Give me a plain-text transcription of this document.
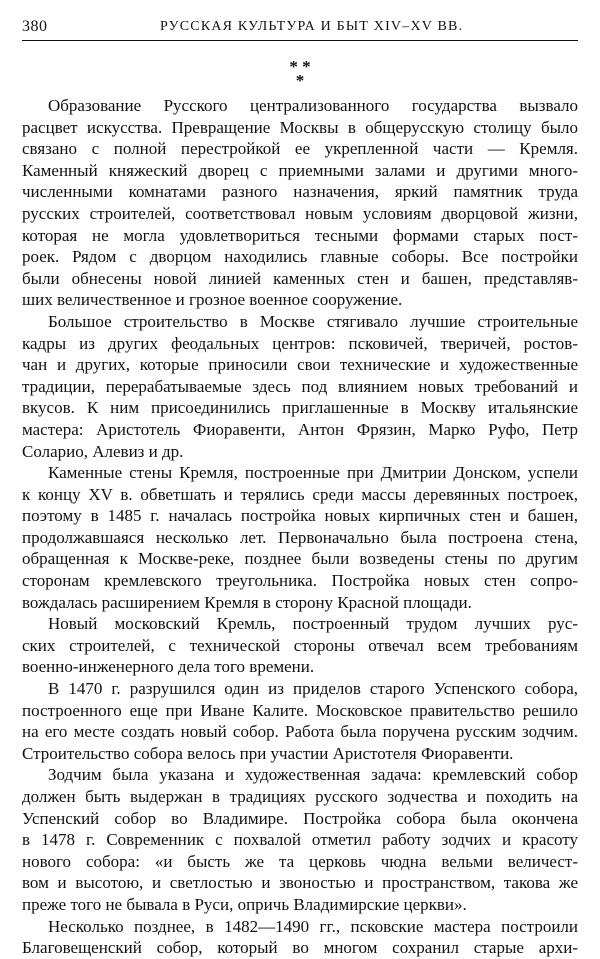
380	РУССКАЯ КУЛЬТУРА И БЫТ XIV–XV ВВ.
* *
*

Образование Русского централизованного государства вызвало
расцвет искусства. Превращение Москвы в общерусскую столицу было
связано с полной перестройкой ее укрепленной части — Кремля.
Каменный княжеский дворец с приемными залами и другими много-
численными комнатами разного назначения, яркий памятник труда
русских строителей, соответствовал новым условиям дворцовой жизни,
которая не могла удовлетвориться тесными формами старых пост-
роек. Рядом с дворцом находились главные соборы. Все постройки
были обнесены новой линией каменных стен и башен, представляв-
ших величественное и грозное военное сооружение.

Большое строительство в Москве стягивало лучшие строительные
кадры из других феодальных центров: псковичей, тверичей, ростов-
чан и других, которые приносили свои технические и художественные
традиции, перерабатываемые здесь под влиянием новых требований и
вкусов. К ним присоединились приглашенные в Москву итальянские
мастера: Аристотель Фиоравенти, Антон Фрязин, Марко Руфо, Петр
Соларио, Алевиз и др.

Каменные стены Кремля, построенные при Дмитрии Донском, успели
к концу XV в. обветшать и терялись среди массы деревянных построек,
поэтому в 1485 г. началась постройка новых кирпичных стен и башен,
продолжавшаяся несколько лет. Первоначально была построена стена,
обращенная к Москве-реке, позднее были возведены стены по другим
сторонам кремлевского треугольника. Постройка новых стен сопро-
вождалась расширением Кремля в сторону Красной площади.

Новый московский Кремль, построенный трудом лучших рус-
ских строителей, с технической стороны отвечал всем требованиям
военно-инженерного дела того времени.

В 1470 г. разрушился один из приделов старого Успенского собора,
построенного еще при Иване Калите. Московское правительство решило
на его месте создать новый собор. Работа была поручена русским зодчим.
Строительство собора велось при участии Аристотеля Фиоравенти.

Зодчим была указана и художественная задача: кремлевский собор
должен быть выдержан в традициях русского зодчества и походить на
Успенский собор во Владимире. Постройка собора была окончена
в 1478 г. Современник с похвалой отметил работу зодчих и красоту
нового собора: «и бысть же та церковь чюдна вельми величест-
вом и высотою, и светлостью и звоностью и пространством, такова же
преже того не бывала в Руси, опричь Владимирские церкви».

Несколько позднее, в 1482—1490 гг., псковские мастера построили
Благовещенский собор, который во многом сохранил старые архи-
